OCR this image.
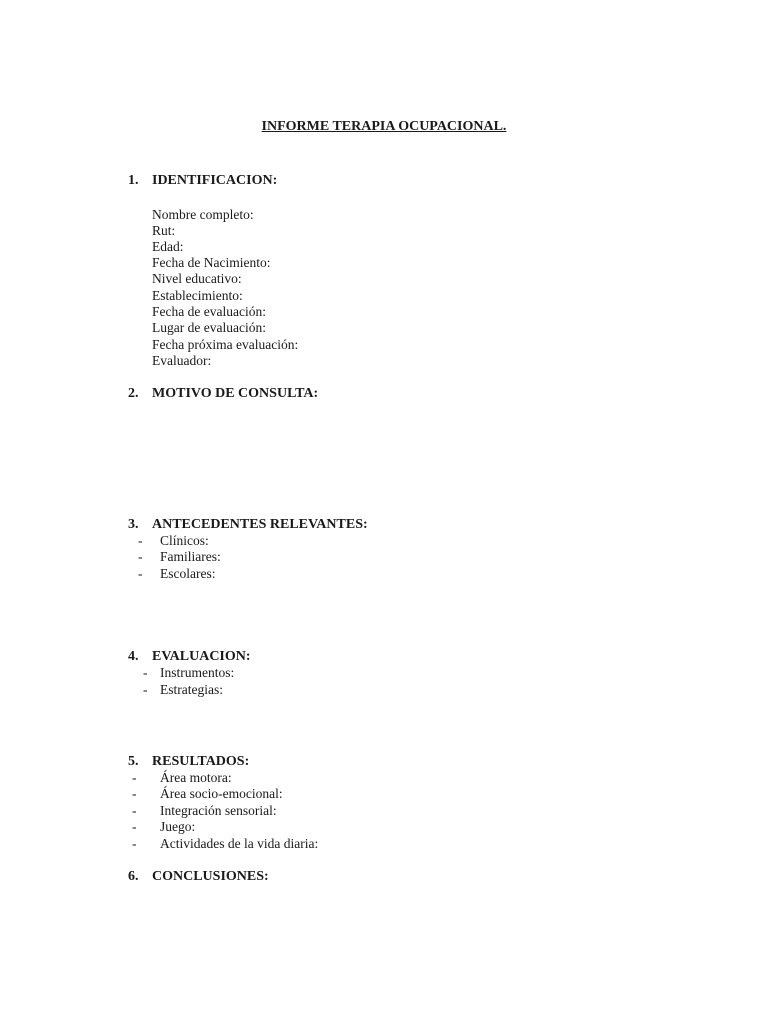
INFORME TERAPIA OCUPACIONAL.
1. IDENTIFICACION:
Nombre completo:
Rut:
Edad:
Fecha de Nacimiento:
Nivel educativo:
Establecimiento:
Fecha de evaluación:
Lugar de evaluación:
Fecha próxima evaluación:
Evaluador:
2. MOTIVO DE CONSULTA:
3. ANTECEDENTES RELEVANTES:
- Clínicos:
- Familiares:
- Escolares:
4. EVALUACION:
- Instrumentos:
- Estrategias:
5. RESULTADOS:
- Área motora:
- Área socio-emocional:
- Integración sensorial:
- Juego:
- Actividades de la vida diaria:
6. CONCLUSIONES:
